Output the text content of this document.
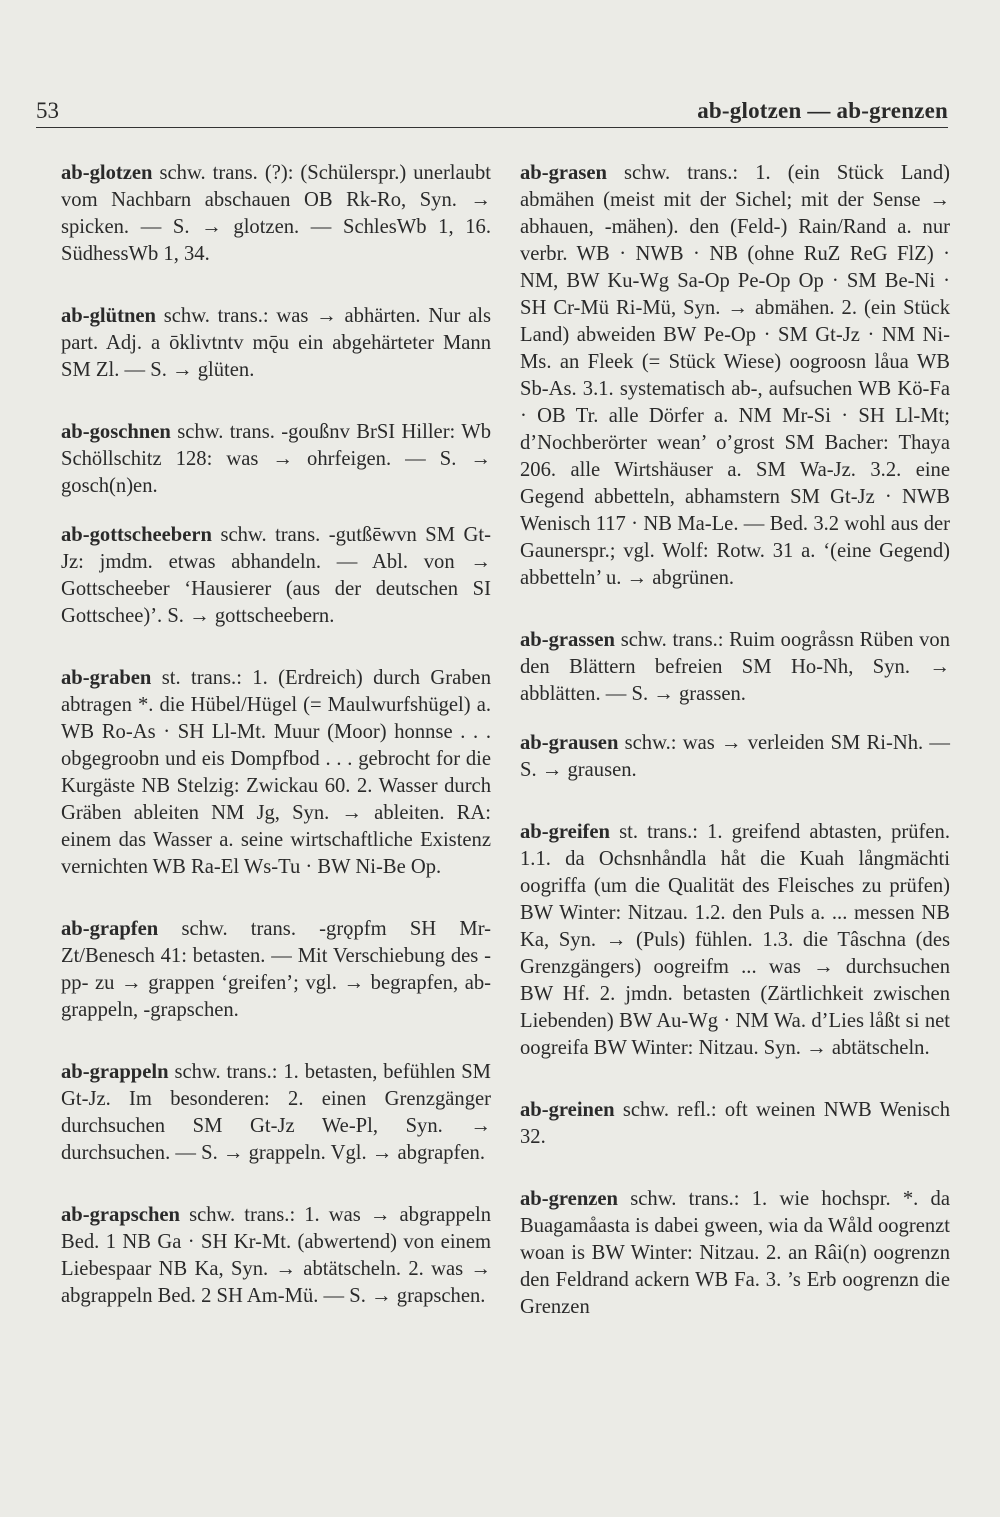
53	ab-glotzen — ab-grenzen

ab-glotzen schw. trans. (?): (Schülerspr.) unerlaubt vom Nachbarn abschauen OB Rk-Ro, Syn. → spicken. — S. → glotzen. — SchlesWb 1, 16. SüdhessWb 1, 34.

ab-glütnen schw. trans.: was → abhärten. Nur als part. Adj. a ōklivtntv mǭu ein abgehärteter Mann SM Zl. — S. → glüten.

ab-goschnen schw. trans. -goußnv BrSI Hiller: Wb Schöllschitz 128: was → ohrfeigen. — S. → gosch(n)en.

ab-gottscheebern schw. trans. -gutßēwvn SM Gt-Jz: jmdm. etwas abhandeln. — Abl. von → Gottscheeber ‘Hausierer (aus der deutschen SI Gottschee)’. S. → gottscheebern.

ab-graben st. trans.: 1. (Erdreich) durch Graben abtragen *. die Hübel/Hügel (= Maulwurfshügel) a. WB Ro-As · SH Ll-Mt. Muur (Moor) honnse . . . obgegroobn und eis Dompfbod . . . gebrocht for die Kurgäste NB Stelzig: Zwickau 60. 2. Wasser durch Gräben ableiten NM Jg, Syn. → ableiten. RA: einem das Wasser a. seine wirtschaftliche Existenz vernichten WB Ra-El Ws-Tu · BW Ni-Be Op.

ab-grapfen schw. trans. -grǫpfm SH Mr-Zt/Benesch 41: betasten. — Mit Verschiebung des -pp- zu → grappen ‘greifen’; vgl. → begrapfen, ab-grappeln, -grapschen.

ab-grappeln schw. trans.: 1. betasten, befühlen SM Gt-Jz. Im besonderen: 2. einen Grenzgänger durchsuchen SM Gt-Jz We-Pl, Syn. → durchsuchen. — S. → grappeln. Vgl. → abgrapfen.

ab-grapschen schw. trans.: 1. was → abgrappeln Bed. 1 NB Ga · SH Kr-Mt. (abwertend) von einem Liebespaar NB Ka, Syn. → abtätscheln. 2. was → abgrappeln Bed. 2 SH Am-Mü. — S. → grapschen.

ab-grasen schw. trans.: 1. (ein Stück Land) abmähen (meist mit der Sichel; mit der Sense → abhauen, -mähen). den (Feld-) Rain/Rand a. nur verbr. WB · NWB · NB (ohne RuZ ReG FlZ) · NM, BW Ku-Wg Sa-Op Pe-Op Op · SM Be-Ni · SH Cr-Mü Ri-Mü, Syn. → abmähen. 2. (ein Stück Land) abweiden BW Pe-Op · SM Gt-Jz · NM Ni-Ms. an Fleek (= Stück Wiese) oogroosn låua WB Sb-As. 3.1. systematisch ab-, aufsuchen WB Kö-Fa · OB Tr. alle Dörfer a. NM Mr-Si · SH Ll-Mt; d’Nochberörter wean’ o’grost SM Bacher: Thaya 206. alle Wirtshäuser a. SM Wa-Jz. 3.2. eine Gegend abbetteln, abhamstern SM Gt-Jz · NWB Wenisch 117 · NB Ma-Le. — Bed. 3.2 wohl aus der Gaunerspr.; vgl. Wolf: Rotw. 31 a. ‘(eine Gegend) abbetteln’ u. → abgrünen.

ab-grassen schw. trans.: Ruim oogråssn Rüben von den Blättern befreien SM Ho-Nh, Syn. → abblätten. — S. → grassen.

ab-grausen schw.: was → verleiden SM Ri-Nh. — S. → grausen.

ab-greifen st. trans.: 1. greifend abtasten, prüfen. 1.1. da Ochsnhåndla håt die Kuah långmächti oogriffa (um die Qualität des Fleisches zu prüfen) BW Winter: Nitzau. 1.2. den Puls a. ... messen NB Ka, Syn. → (Puls) fühlen. 1.3. die Tâschna (des Grenzgängers) oogreifm ... was → durchsuchen BW Hf. 2. jmdn. betasten (Zärtlichkeit zwischen Liebenden) BW Au-Wg · NM Wa. d’Lies låßt si net oogreifa BW Winter: Nitzau. Syn. → abtätscheln.

ab-greinen schw. refl.: oft weinen NWB Wenisch 32.

ab-grenzen schw. trans.: 1. wie hochspr. *. da Buagamåasta is dabei gween, wia da Wåld oogrenzt woan is BW Winter: Nitzau. 2. an Râi(n) oogrenzn den Feldrand ackern WB Fa. 3. ’s Erb oogrenzn die Grenzen
